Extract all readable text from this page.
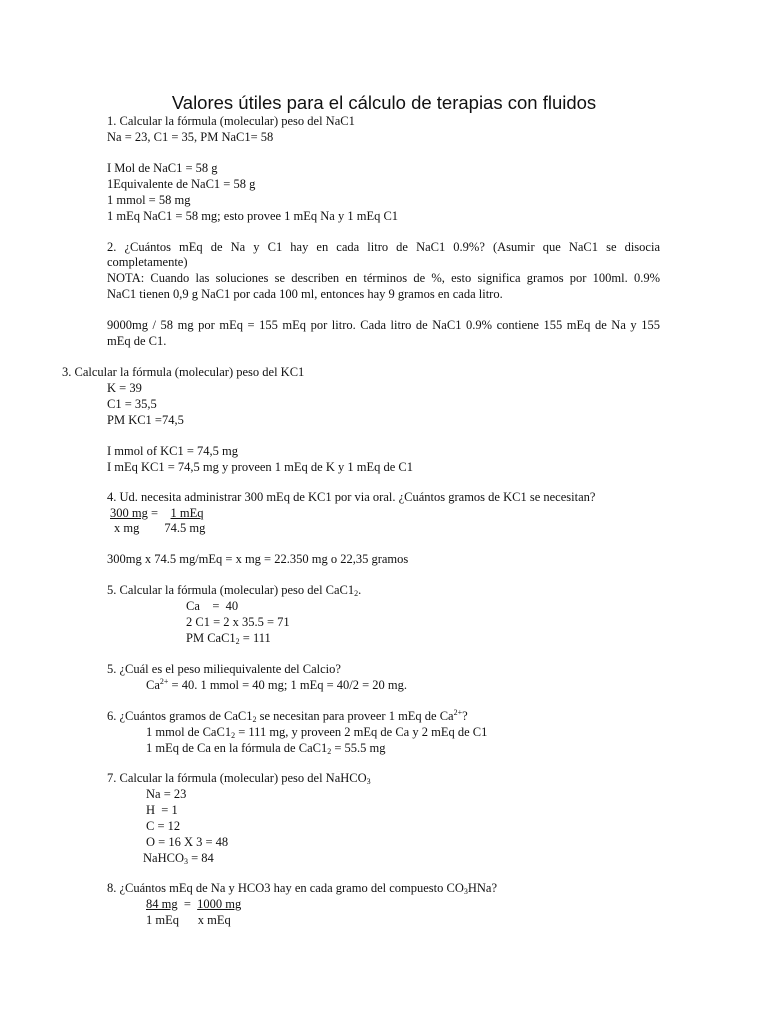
Valores útiles para el cálculo de terapias con fluidos
1. Calcular la fórmula (molecular) peso del NaC1
Na = 23, C1 = 35, PM NaC1= 58
I Mol de NaC1 = 58 g
1Equivalente de NaC1 = 58 g
1 mmol = 58 mg
1 mEq NaC1 = 58 mg; esto provee 1 mEq Na y 1 mEq C1
2. ¿Cuántos mEq de Na y C1 hay en cada litro de NaC1 0.9%? (Asumir que NaC1 se disocia
completamente)
NOTA: Cuando las soluciones se describen en términos de %, esto significa gramos por 100ml. 0.9%
NaC1 tienen 0,9 g NaC1 por cada 100 ml, entonces hay 9 gramos en cada litro.
9000mg / 58 mg por mEq = 155 mEq por litro. Cada litro de NaC1 0.9% contiene 155 mEq de Na y 155
mEq de C1.
3. Calcular la fórmula (molecular) peso del KC1
K = 39
C1 = 35,5
PM KC1 =74,5
I mmol of KC1 = 74,5 mg
I mEq KC1 = 74,5 mg y proveen 1 mEq de K y 1 mEq de C1
4. Ud. necesita administrar 300 mEq de KC1 por via oral. ¿Cuántos gramos de KC1 se necesitan?
300 mg =    1 mEq
x mg        74.5 mg
300mg x 74.5 mg/mEq = x mg = 22.350 mg o 22,35 gramos
5. Calcular la fórmula (molecular) peso del $CaC1_2$.
Ca    =  40
2 C1 = 2 x 35.5 = 71
PM $CaC1_2 = 111$
5. ¿Cuál es el peso miliequivalente del Calcio?
$Ca^{2+} = 40$. 1 mmol = 40 mg; 1 mEq = 40/2 = 20 mg.
6. ¿Cuántos gramos de $CaC1_2$ se necesitan para proveer 1 mEq de $Ca^{2+}$?
1 mmol de $CaC1_2 = 111$ mg, y proveen 2 mEq de Ca y 2 mEq de C1
1 mEq de Ca en la fórmula de $CaC1_2 = 55.5$ mg
7. Calcular la fórmula (molecular) peso del NaHCO$_3$
Na = 23
H  = 1
C = 12
O = 16 X 3 = 48
NaHCO$_3$ = 84
8. ¿Cuántos mEq de Na y HCO3 hay en cada gramo del compuesto $CO_3HNa$?
84 mg  =  1000 mg
1 mEq      x mEq
